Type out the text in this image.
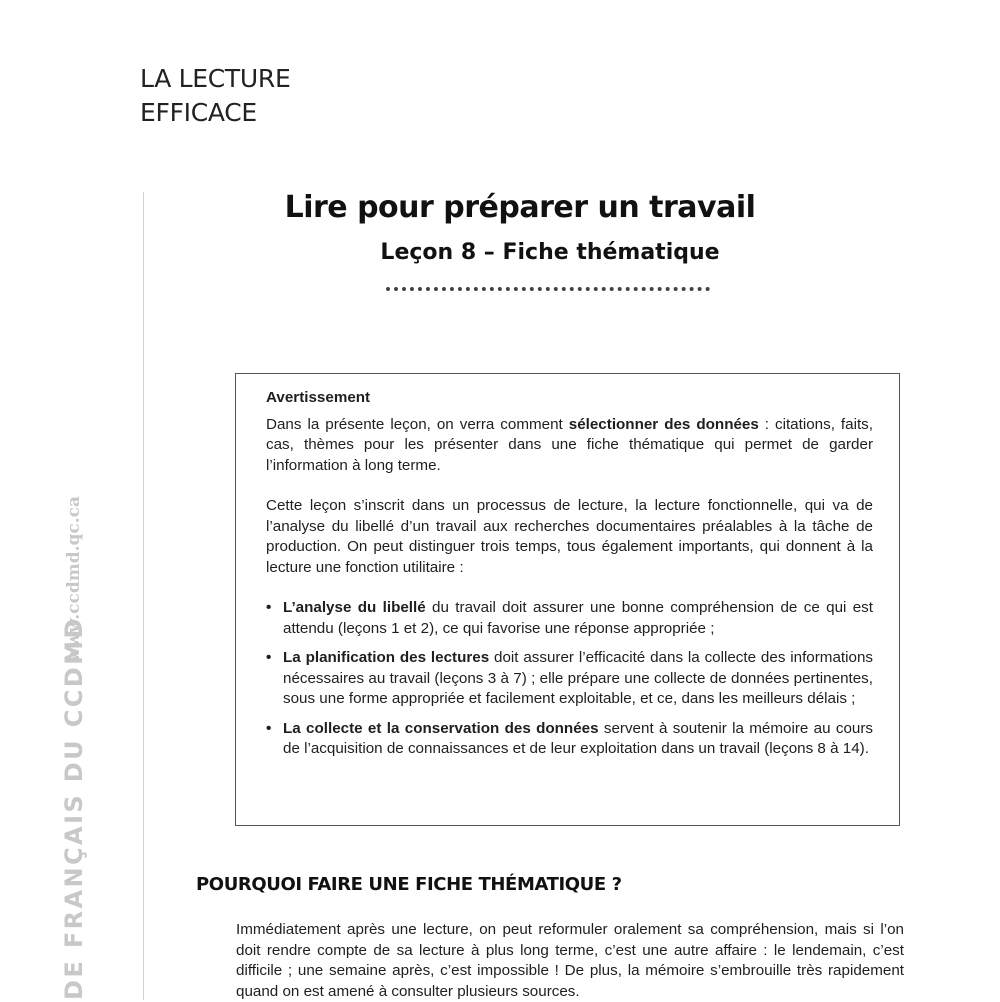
LA LECTURE
EFFICACE
DE FRANÇAIS DU CCDMD
www.ccdmd.qc.ca
Lire pour préparer un travail
Leçon 8 – Fiche thématique
Avertissement

Dans la présente leçon, on verra comment sélectionner des données : citations, faits, cas, thèmes pour les présenter dans une fiche thématique qui permet de garder l’information à long terme.

Cette leçon s’inscrit dans un processus de lecture, la lecture fonctionnelle, qui va de l’analyse du libellé d’un travail aux recherches documentaires préalables à la tâche de production. On peut distinguer trois temps, tous également importants, qui donnent à la lecture une fonction utilitaire :

• L’analyse du libellé du travail doit assurer une bonne compréhension de ce qui est attendu (leçons 1 et 2), ce qui favorise une réponse appropriée ;
• La planification des lectures doit assurer l’efficacité dans la collecte des informations nécessaires au travail (leçons 3 à 7) ; elle prépare une collecte de données pertinentes, sous une forme appropriée et facilement exploitable, et ce, dans les meilleurs délais ;
• La collecte et la conservation des données servent à soutenir la mémoire au cours de l’acquisition de connaissances et de leur exploitation dans un travail (leçons 8 à 14).
POURQUOI FAIRE UNE FICHE THÉMATIQUE ?

Immédiatement après une lecture, on peut reformuler oralement sa compréhension, mais si l’on doit rendre compte de sa lecture à plus long terme, c’est une autre affaire : le lendemain, c’est difficile ; une semaine après, c’est impossible ! De plus, la mémoire s’embrouille très rapidement quand on est amené à consulter plusieurs sources.
